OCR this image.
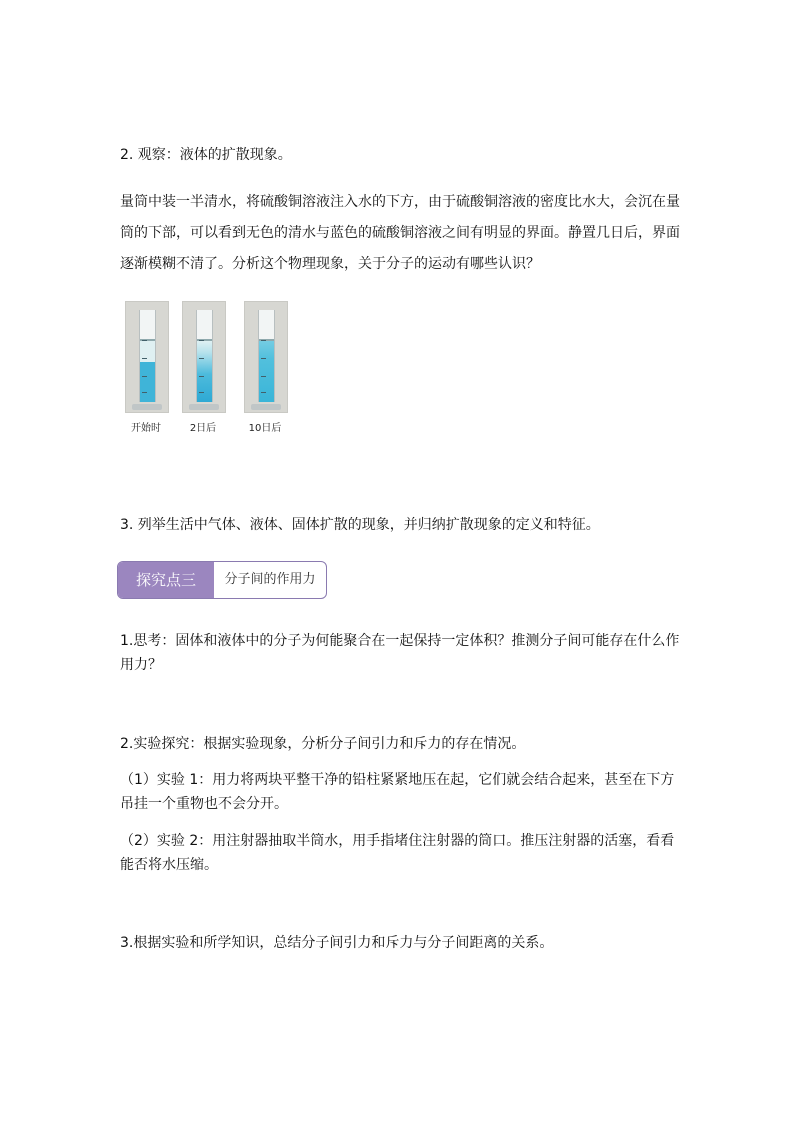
2. 观察：液体的扩散现象。
量筒中装一半清水，将硫酸铜溶液注入水的下方，由于硫酸铜溶液的密度比水大，会沉在量筒的下部，可以看到无色的清水与蓝色的硫酸铜溶液之间有明显的界面。静置几日后，界面逐渐模糊不清了。分析这个物理现象，关于分子的运动有哪些认识？
开始时	2日后	10日后
3. 列举生活中气体、液体、固体扩散的现象，并归纳扩散现象的定义和特征。
探究点三	分子间的作用力
1.思考：固体和液体中的分子为何能聚合在一起保持一定体积？推测分子间可能存在什么作用力？
2.实验探究：根据实验现象，分析分子间引力和斥力的存在情况。
（1）实验 1：用力将两块平整干净的铅柱紧紧地压在起，它们就会结合起来，甚至在下方吊挂一个重物也不会分开。
（2）实验 2：用注射器抽取半筒水，用手指堵住注射器的筒口。推压注射器的活塞，看看能否将水压缩。
3.根据实验和所学知识，总结分子间引力和斥力与分子间距离的关系。
